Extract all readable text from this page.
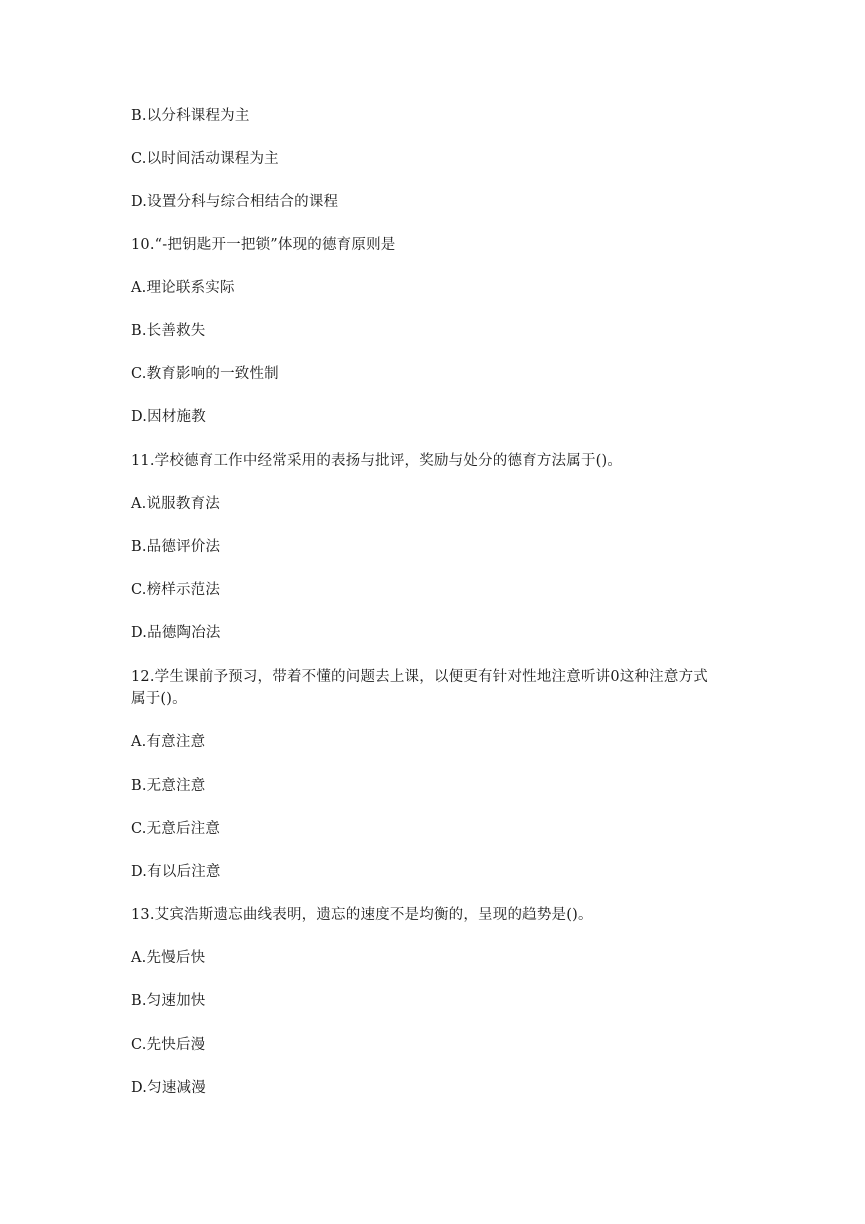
B.以分科课程为主
C.以时间活动课程为主
D.设置分科与综合相结合的课程
10.“-把钥匙开一把锁”体现的德育原则是
A.理论联系实际
B.长善救失
C.教育影响的一致性制
D.因材施教
11.学校德育工作中经常采用的表扬与批评，奖励与处分的德育方法属于()。
A.说服教育法
B.品德评价法
C.榜样示范法
D.品德陶冶法
12.学生课前予预习，带着不懂的问题去上课，以便更有针对性地注意听讲0这种注意方式
属于()。
A.有意注意
B.无意注意
C.无意后注意
D.有以后注意
13.艾宾浩斯遗忘曲线表明，遗忘的速度不是均衡的，呈现的趋势是()。
A.先慢后快
B.匀速加快
C.先快后漫
D.匀速减漫
